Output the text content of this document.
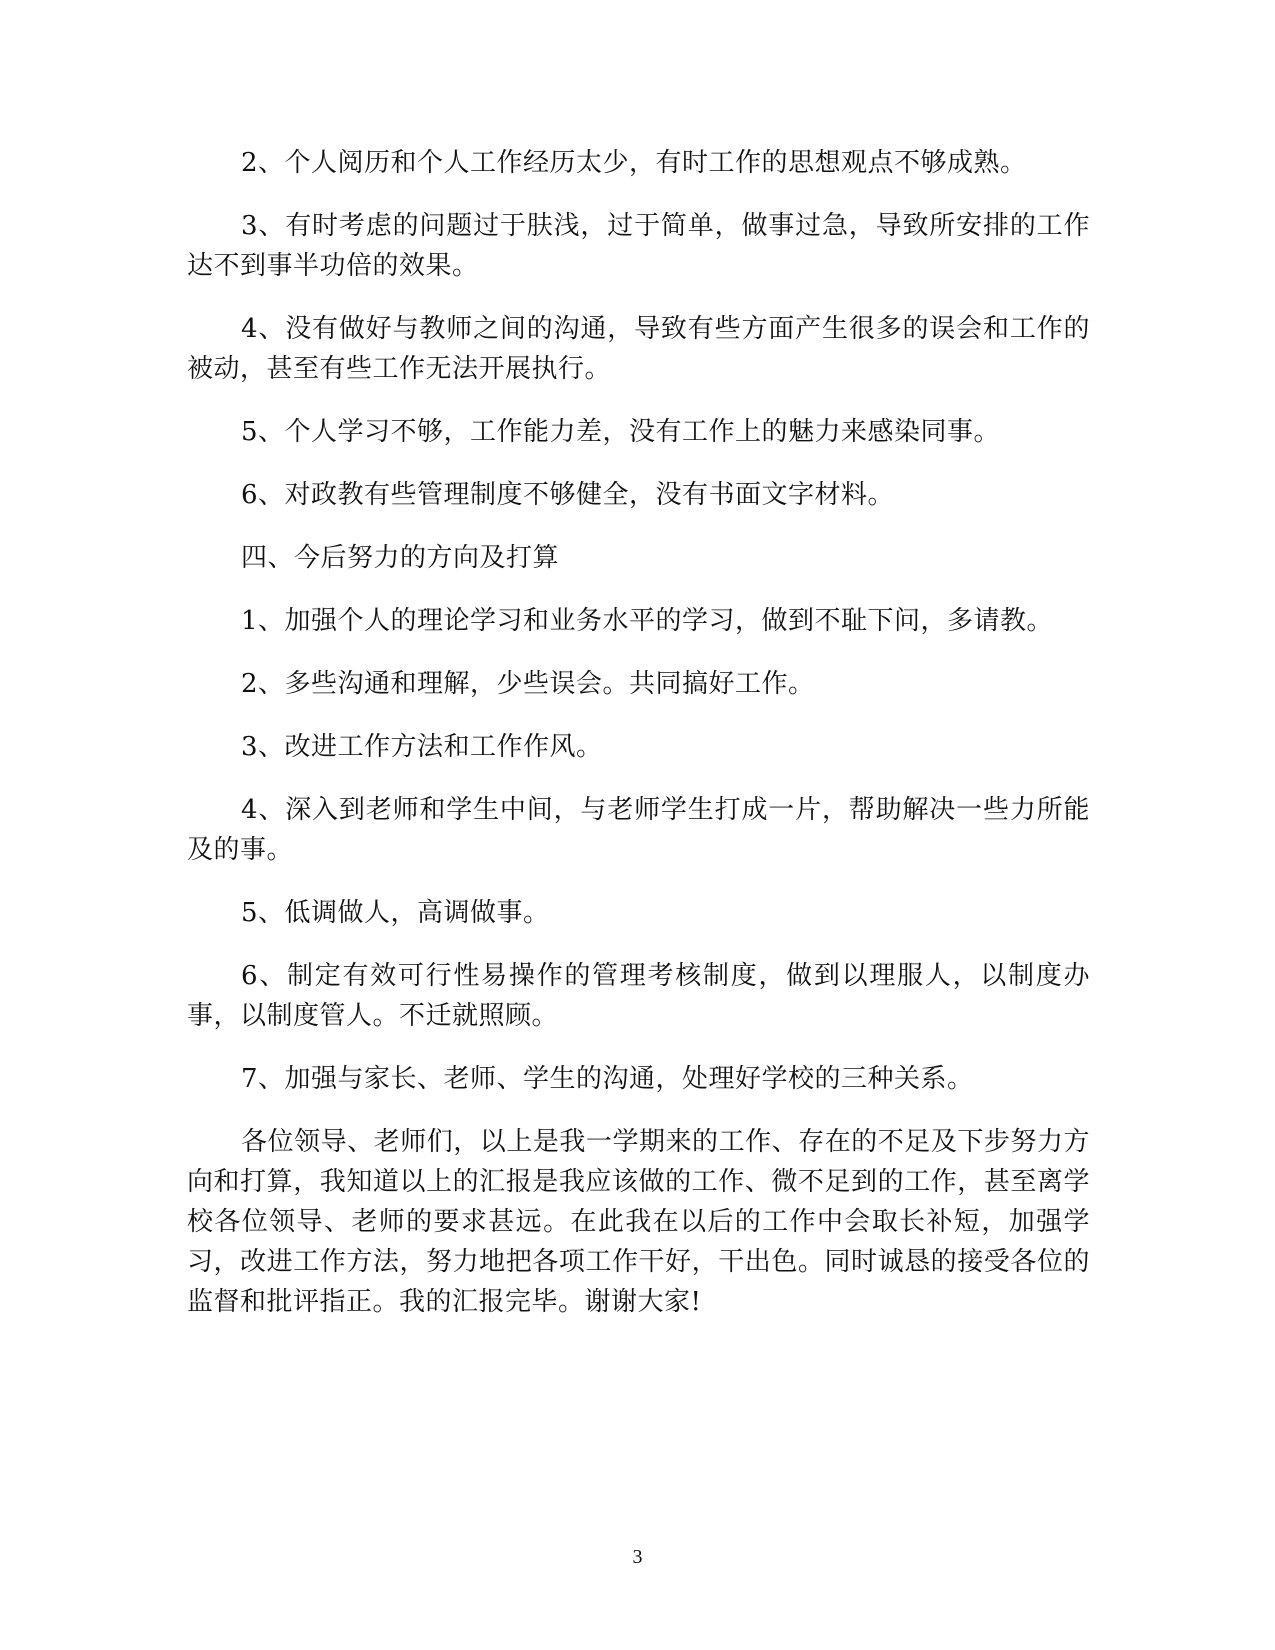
2、个人阅历和个人工作经历太少，有时工作的思想观点不够成熟。

3、有时考虑的问题过于肤浅，过于简单，做事过急，导致所安排的工作达不到事半功倍的效果。

4、没有做好与教师之间的沟通，导致有些方面产生很多的误会和工作的被动，甚至有些工作无法开展执行。

5、个人学习不够，工作能力差，没有工作上的魅力来感染同事。

6、对政教有些管理制度不够健全，没有书面文字材料。

四、今后努力的方向及打算

1、加强个人的理论学习和业务水平的学习，做到不耻下问，多请教。

2、多些沟通和理解，少些误会。共同搞好工作。

3、改进工作方法和工作作风。

4、深入到老师和学生中间，与老师学生打成一片，帮助解决一些力所能及的事。

5、低调做人，高调做事。

6、制定有效可行性易操作的管理考核制度，做到以理服人，以制度办事，以制度管人。不迁就照顾。

7、加强与家长、老师、学生的沟通，处理好学校的三种关系。

各位领导、老师们，以上是我一学期来的工作、存在的不足及下步努力方向和打算，我知道以上的汇报是我应该做的工作、微不足到的工作，甚至离学校各位领导、老师的要求甚远。在此我在以后的工作中会取长补短，加强学习，改进工作方法，努力地把各项工作干好，干出色。同时诚恳的接受各位的监督和批评指正。我的汇报完毕。谢谢大家!

3
